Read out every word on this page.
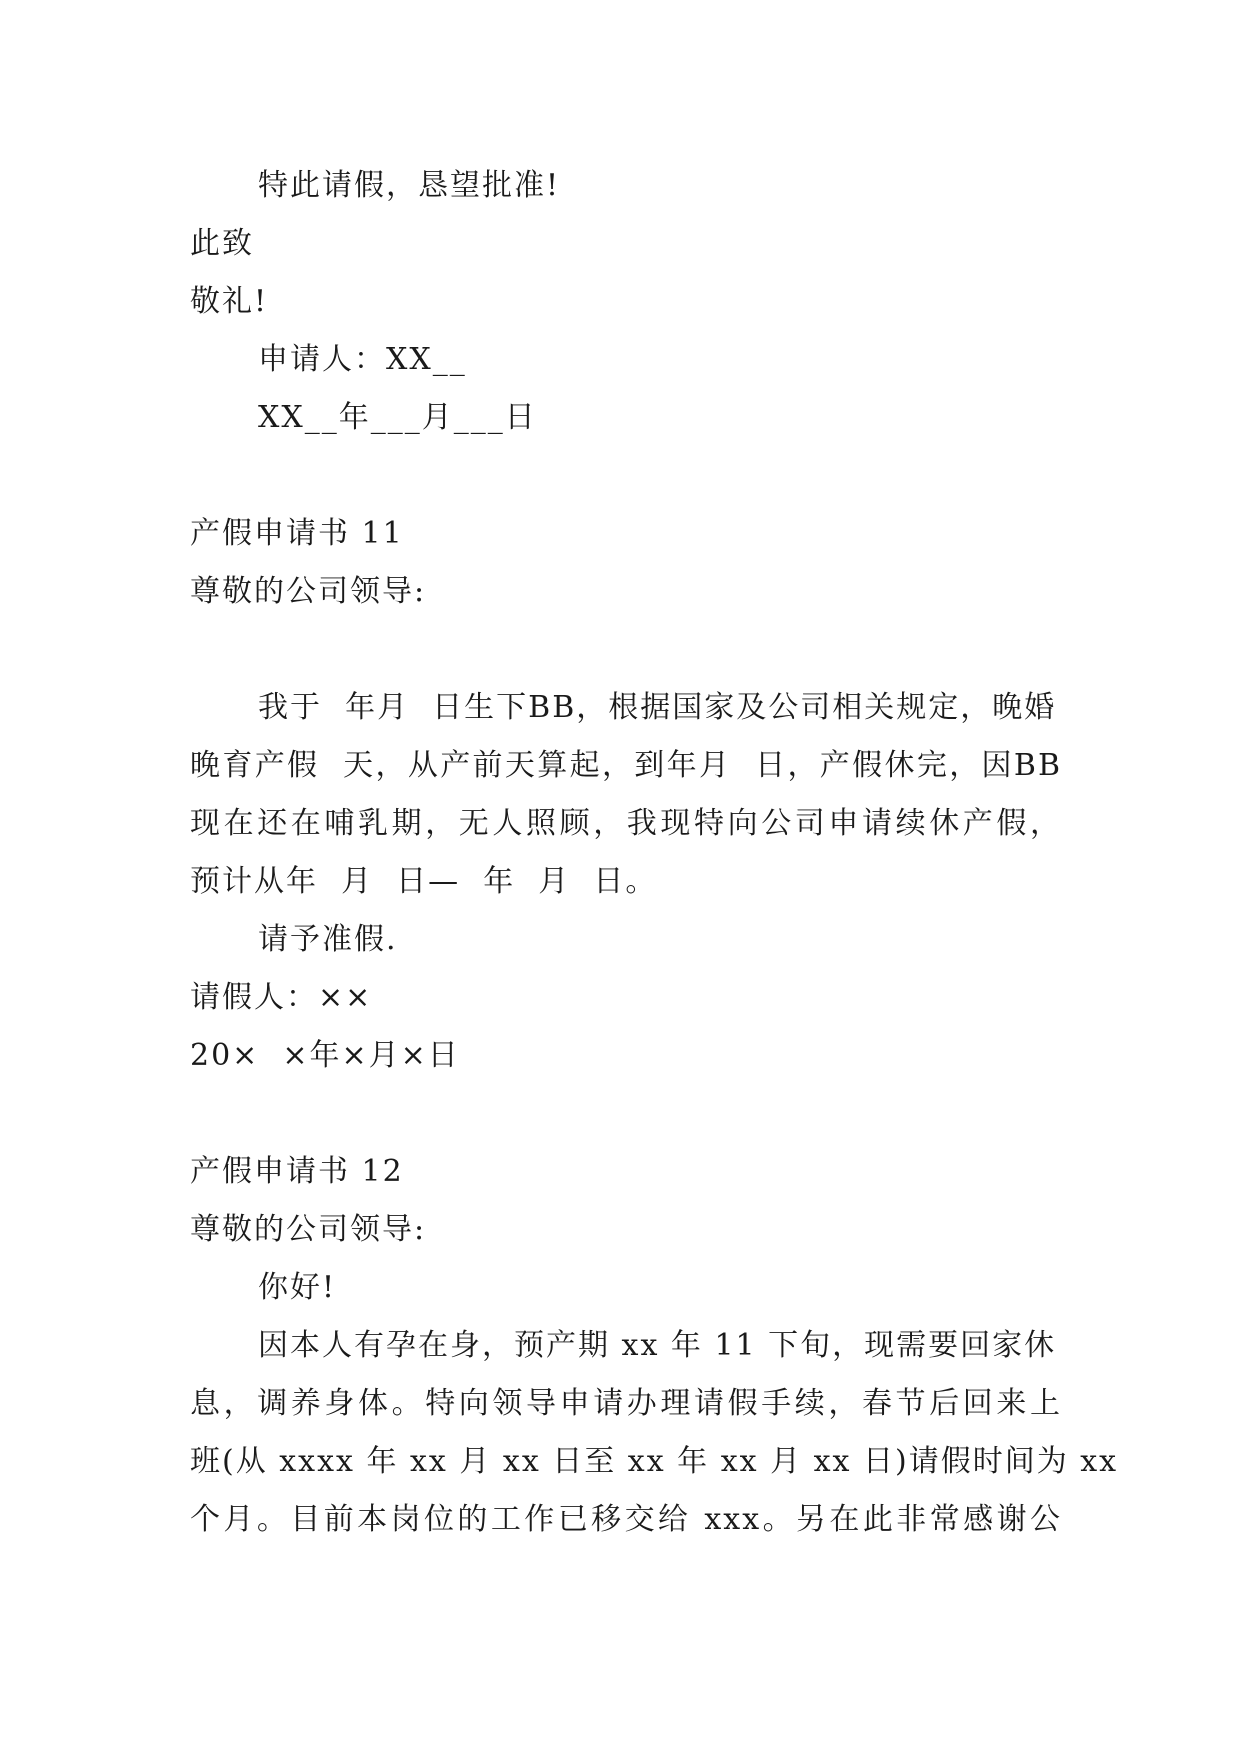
特此请假，恳望批准!
此致
敬礼!
申请人：XX__
XX__年___月___日
产假申请书 11
尊敬的公司领导:
我于  年月  日生下BB，根据国家及公司相关规定，晚婚
晚育产假  天，从产前天算起，到年月  日，产假休完，因BB
现在还在哺乳期，无人照顾，我现特向公司申请续休产假，
预计从年  月  日—  年  月  日。
请予准假.
请假人：××
20×  ×年×月×日
产假申请书 12
尊敬的公司领导:
你好!
因本人有孕在身，预产期 xx 年 11 下旬，现需要回家休
息，调养身体。特向领导申请办理请假手续，春节后回来上
班(从 xxxx 年 xx 月 xx 日至 xx 年 xx 月 xx 日)请假时间为 xx
个月。目前本岗位的工作已移交给 xxx。另在此非常感谢公
